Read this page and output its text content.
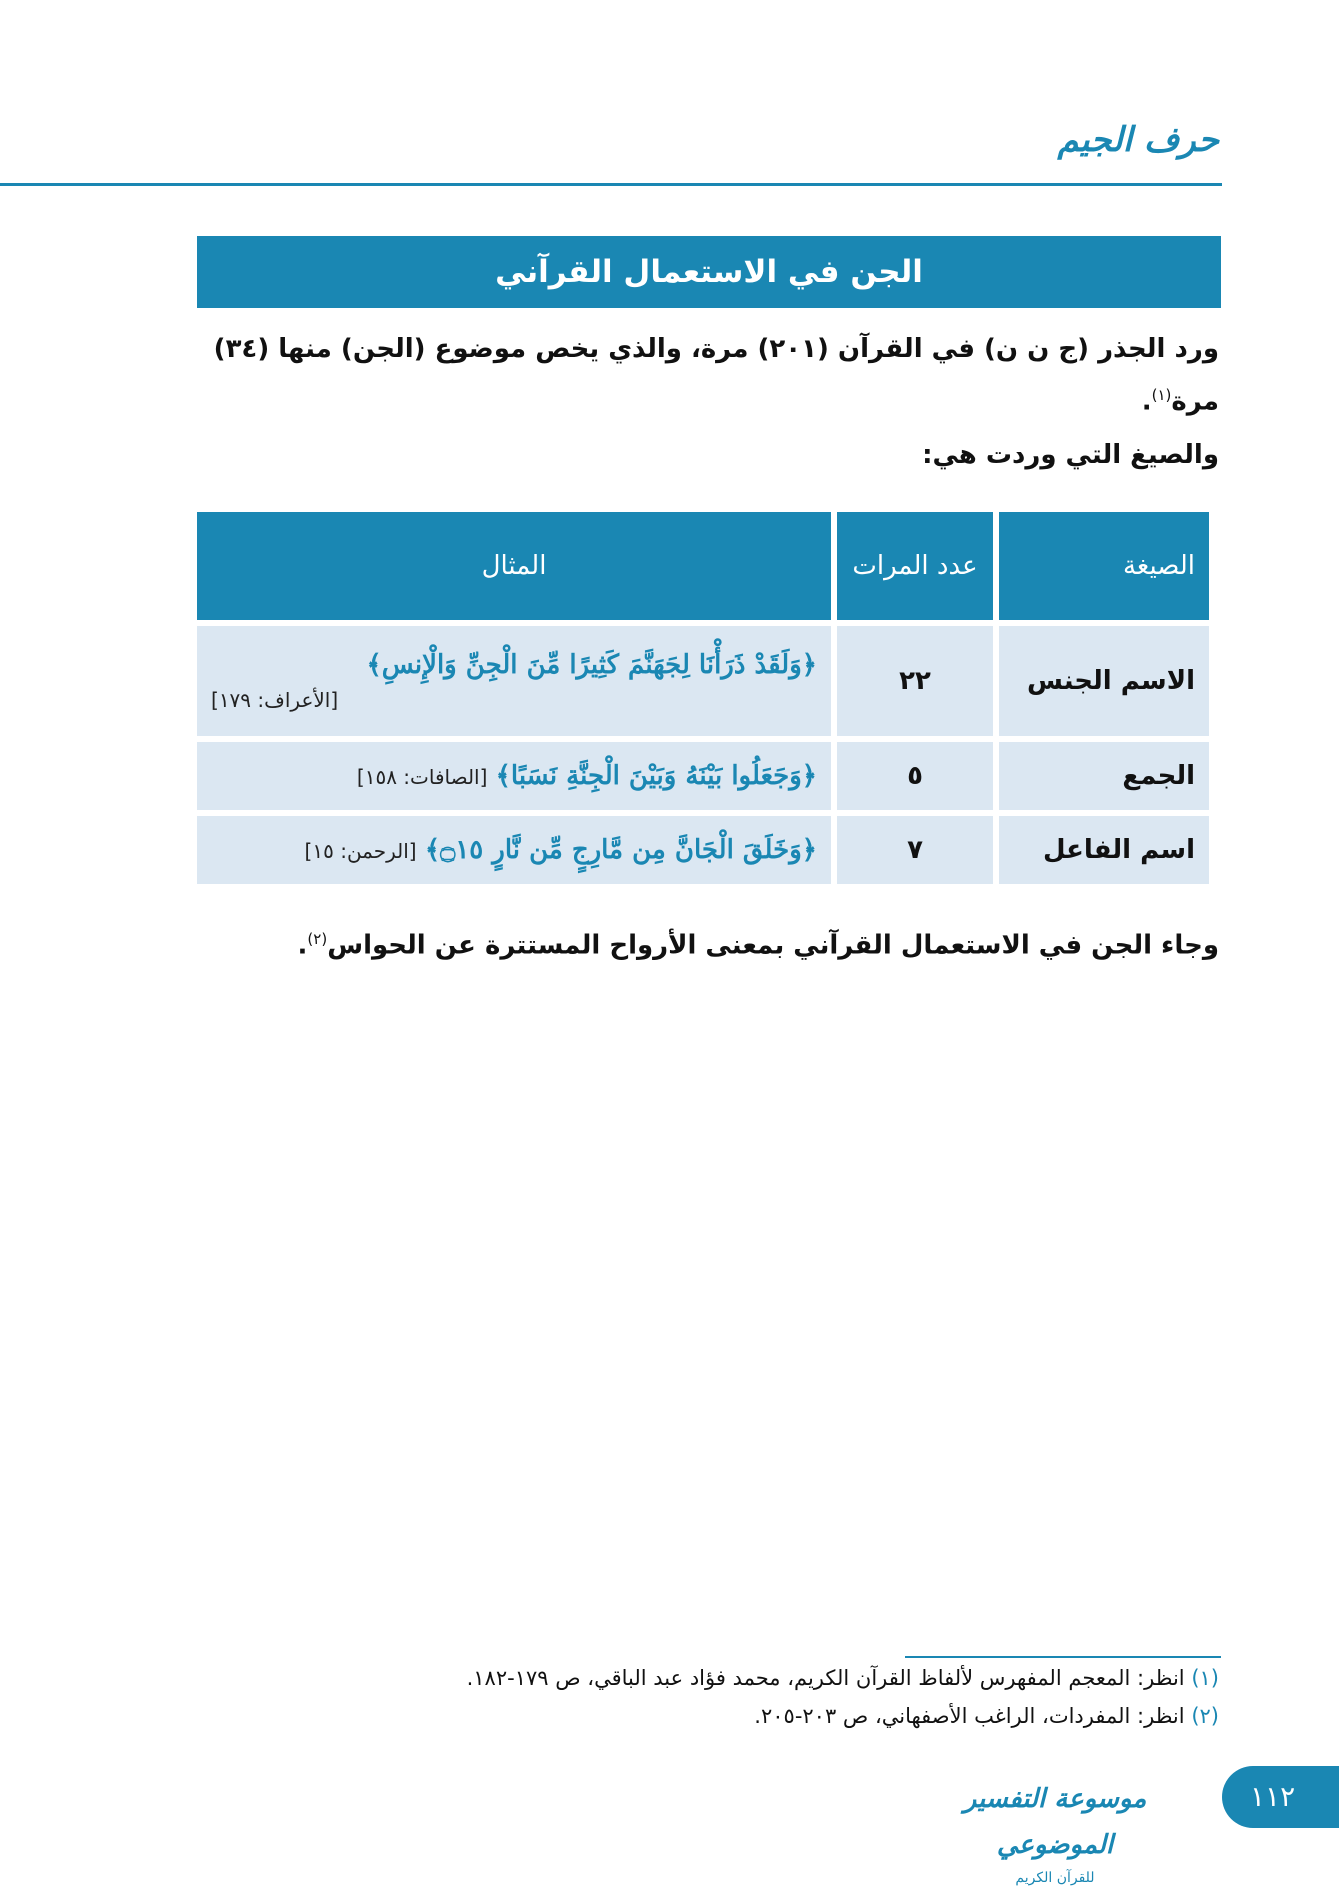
حرف الجيم
الجن في الاستعمال القرآني

ورد الجذر (ج ن ن) في القرآن (٢٠١) مرة، والذي يخص موضوع (الجن) منها (٣٤) مرة$^{(١)}$.

والصيغ التي وردت هي:

الصيغة	عدد المرات	المثال
الاسم الجنس	٢٢	﴿وَلَقَدْ ذَرَأْنَا لِجَهَنَّمَ كَثِيرًا مِّنَ الْجِنِّ وَالْإِنسِ﴾
[الأعراف: ١٧٩]

الجمع	٥	﴿وَجَعَلُوا بَيْنَهُ وَبَيْنَ الْجِنَّةِ نَسَبًا﴾ [الصافات: ١٥٨]
اسم الفاعل	٧	﴿وَخَلَقَ الْجَانَّ مِن مَّارِجٍ مِّن نَّارٍ ۝١٥﴾ [الرحمن: ١٥]

وجاء الجن في الاستعمال القرآني بمعنى الأرواح المستترة عن الحواس$^{(٢)}$.

(١) انظر: المعجم المفهرس لألفاظ القرآن الكريم، محمد فؤاد عبد الباقي، ص ١٧٩-١٨٢.

(٢) انظر: المفردات، الراغب الأصفهاني، ص ٢٠٣-٢٠٥.

موسوعة التفسير الموضوعي
للقرآن الكريم
١١٢
